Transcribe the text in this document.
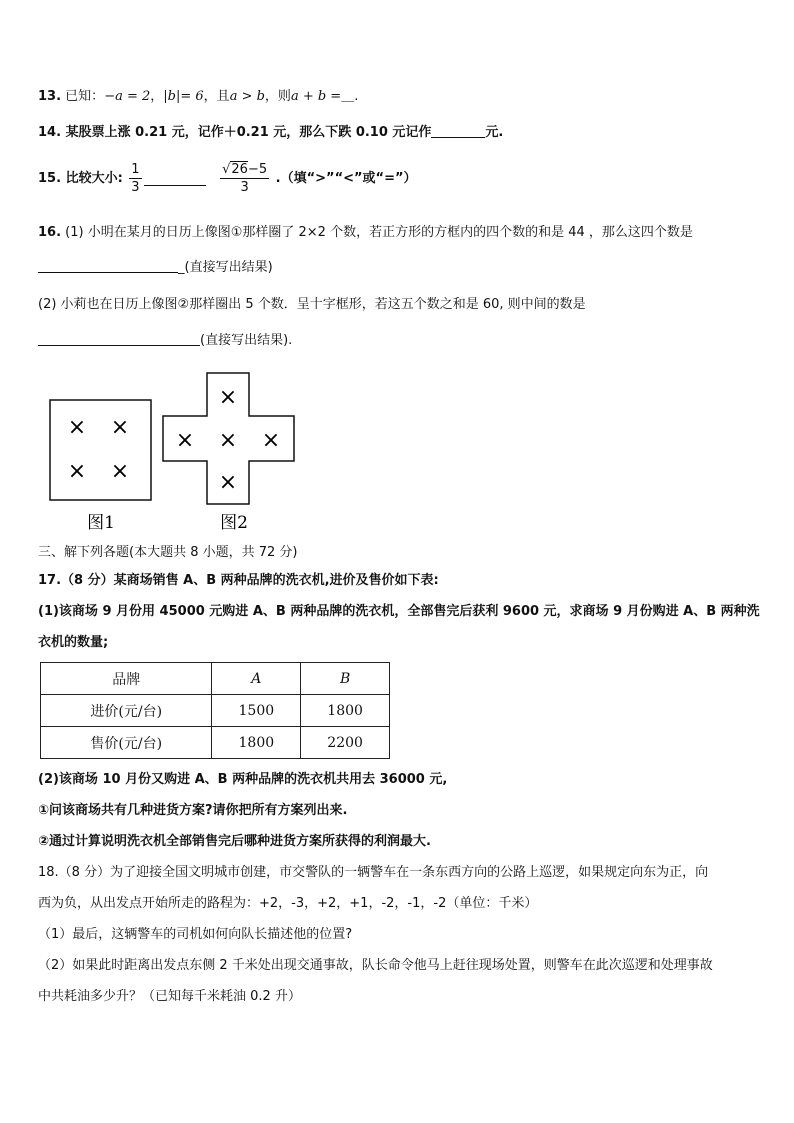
13. 已知：−a = 2，|b|= 6，且a > b，则a + b =＿.
14. 某股票上涨 0.21 元，记作＋0.21 元，那么下跌 0.10 元记作	元.
15. 比较大小: $\frac{1}{3}$
	$\frac{√26-5}{3}$ .（填“>”“<”或“=”）
16. (1) 小明在某月的日历上像图①那样圈了 2×2 个数，若正方形的方框内的四个数的和是 44 ，那么这四个数是
_(直接写出结果)
(2) 小莉也在日历上像图②那样圈出 5 个数．呈十字框形，若这五个数之和是 60, 则中间的数是
(直接写出结果).
× ×
× ×
图1
×
× × ×
×
图2
三、解下列各题(本大题共 8 小题，共 72 分)
17.（8 分）某商场销售 A、B 两种品牌的洗衣机,进价及售价如下表:
(1)该商场 9 月份用 45000 元购进 A、B 两种品牌的洗衣机，全部售完后获利 9600 元，求商场 9 月份购进 A、B 两种洗
衣机的数量;
品牌	A	B
进价(元/台)	1500	1800
售价(元/台)	1800	2200
(2)该商场 10 月份又购进 A、B 两种品牌的洗衣机共用去 36000 元,
①问该商场共有几种进货方案?请你把所有方案列出来.
②通过计算说明洗衣机全部销售完后哪种进货方案所获得的利润最大.
18.（8 分）为了迎接全国文明城市创建，市交警队的一辆警车在一条东西方向的公路上巡逻，如果规定向东为正，向
西为负，从出发点开始所走的路程为：+2，-3，+2，+1，-2，-1，-2（单位：千米）
（1）最后，这辆警车的司机如何向队长描述他的位置?
（2）如果此时距离出发点东侧 2 千米处出现交通事故，队长命令他马上赶往现场处置，则警车在此次巡逻和处理事故
中共耗油多少升？（已知每千米耗油 0.2 升）
